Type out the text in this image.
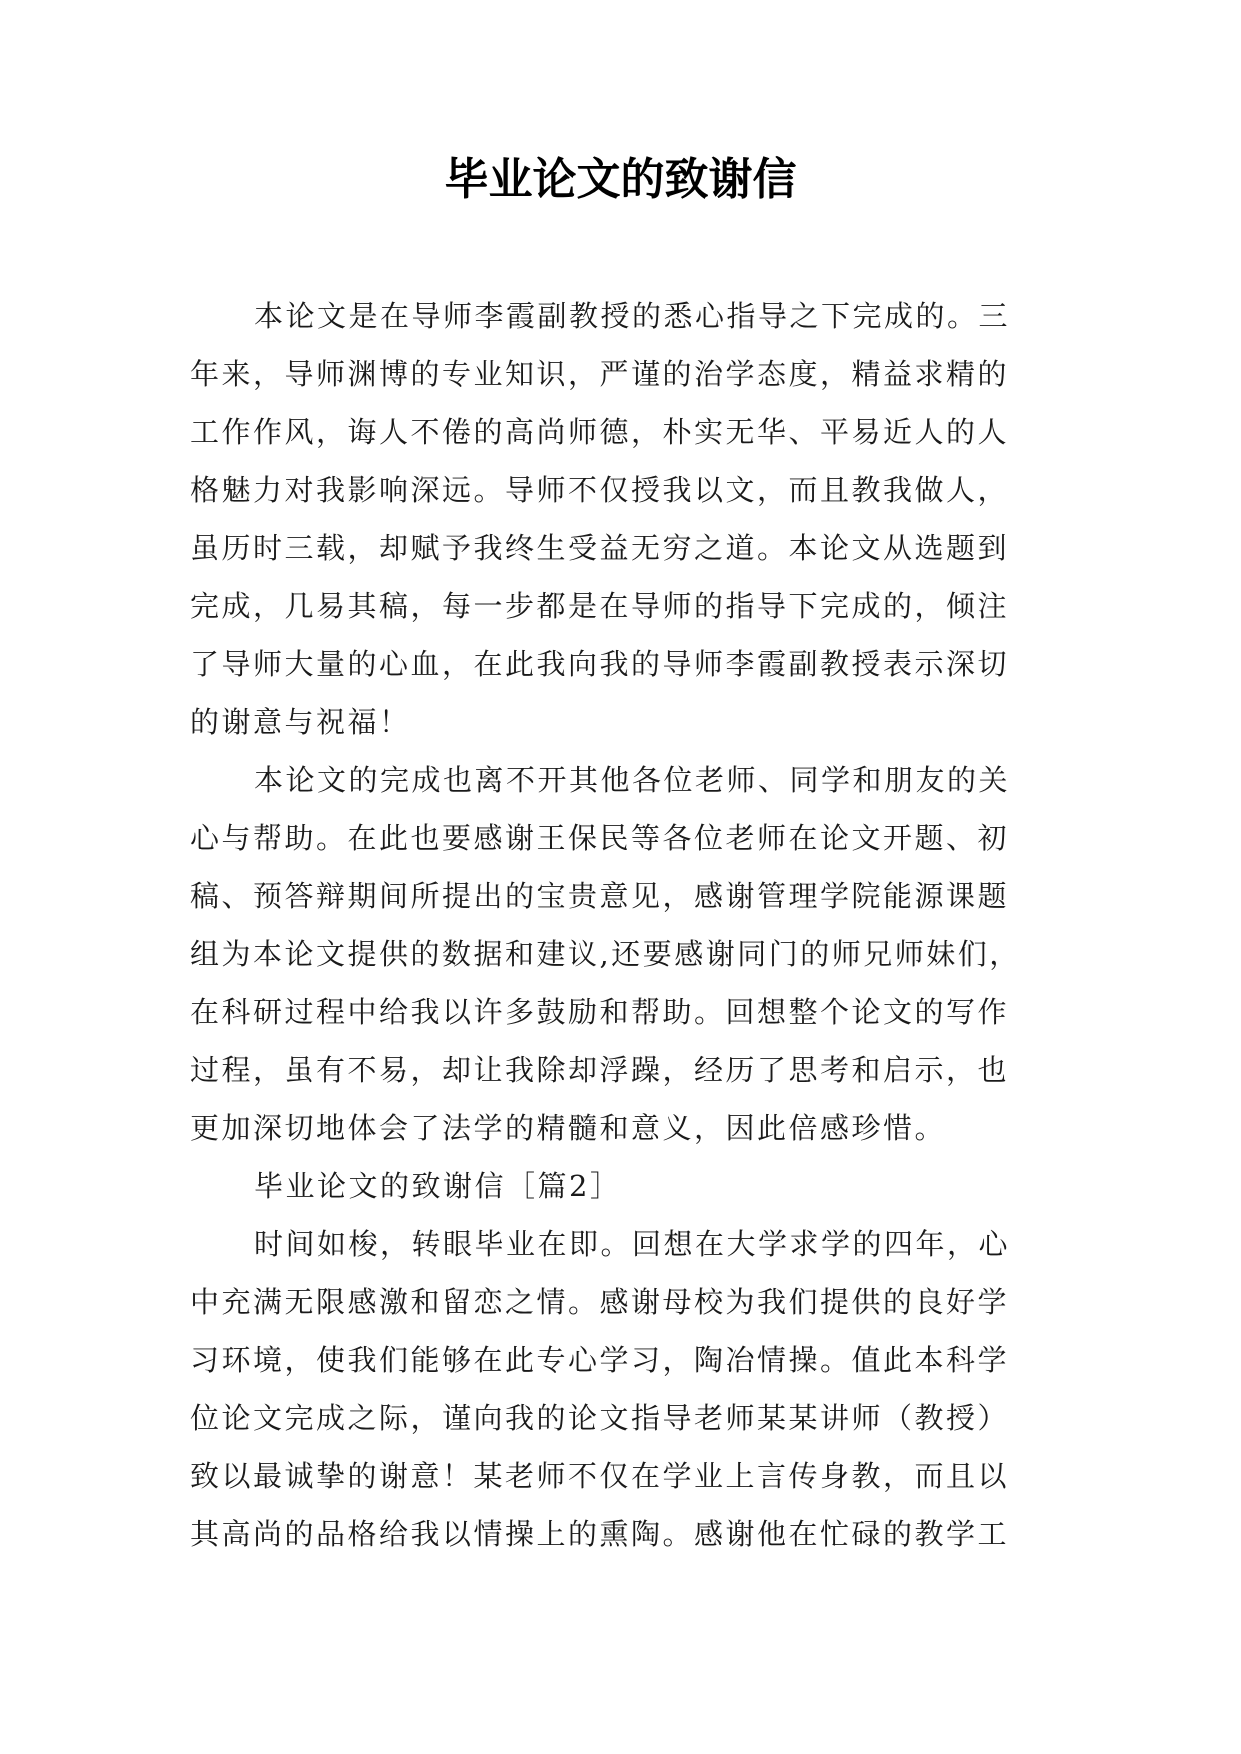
毕业论文的致谢信

本论文是在导师李霞副教授的悉心指导之下完成的。三

年来，导师渊博的专业知识，严谨的治学态度，精益求精的

工作作风，诲人不倦的高尚师德，朴实无华、平易近人的人

格魅力对我影响深远。导师不仅授我以文，而且教我做人，

虽历时三载，却赋予我终生受益无穷之道。本论文从选题到

完成，几易其稿，每一步都是在导师的指导下完成的，倾注

了导师大量的心血，在此我向我的导师李霞副教授表示深切

的谢意与祝福！

本论文的完成也离不开其他各位老师、同学和朋友的关

心与帮助。在此也要感谢王保民等各位老师在论文开题、初

稿、预答辩期间所提出的宝贵意见，感谢管理学院能源课题

组为本论文提供的数据和建议,还要感谢同门的师兄师妹们，

在科研过程中给我以许多鼓励和帮助。回想整个论文的写作

过程，虽有不易，却让我除却浮躁，经历了思考和启示，也

更加深切地体会了法学的精髓和意义，因此倍感珍惜。

毕业论文的致谢信［篇2］

时间如梭，转眼毕业在即。回想在大学求学的四年，心

中充满无限感激和留恋之情。感谢母校为我们提供的良好学

习环境，使我们能够在此专心学习，陶冶情操。值此本科学

位论文完成之际，谨向我的论文指导老师某某讲师（教授）

致以最诚挚的谢意！某老师不仅在学业上言传身教，而且以

其高尚的品格给我以情操上的熏陶。感谢他在忙碌的教学工
